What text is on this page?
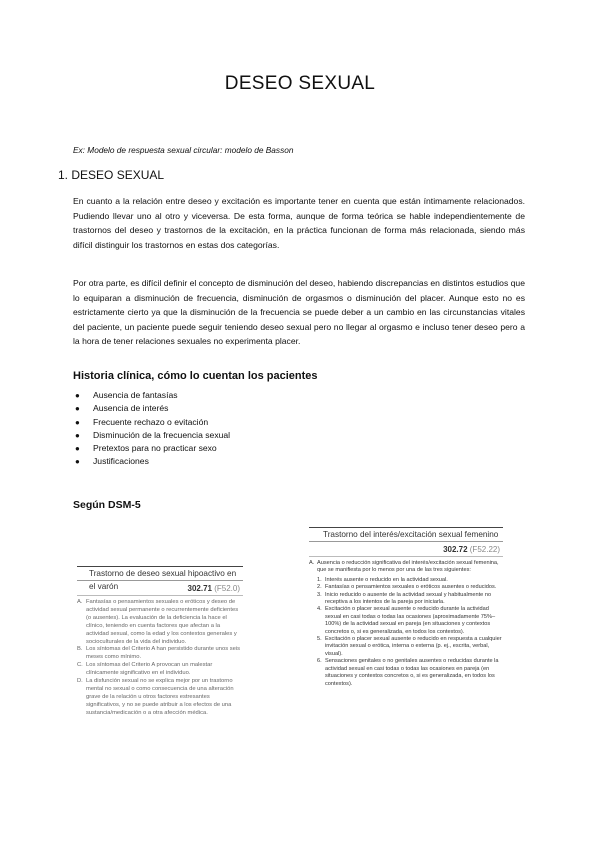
DESEO SEXUAL
Ex: Modelo de respuesta sexual circular: modelo de Basson
1. DESEO SEXUAL

En cuanto a la relación entre deseo y excitación es importante tener en cuenta que están íntimamente relacionados. Pudiendo llevar uno al otro y viceversa. De esta forma, aunque de forma teórica se hable independientemente de trastornos del deseo y trastornos de la excitación, en la práctica funcionan de forma más relacionada, siendo más difícil distinguir los trastornos en estas dos categorías.

Por otra parte, es difícil definir el concepto de disminución del deseo, habiendo discrepancias en distintos estudios que lo equiparan a disminución de frecuencia, disminución de orgasmos o disminución del placer. Aunque esto no es estrictamente cierto ya que la disminución de la frecuencia se puede deber a un cambio en las circunstancias vitales del paciente, un paciente puede seguir teniendo deseo sexual pero no llegar al orgasmo e incluso tener deseo pero a la hora de tener relaciones sexuales no experimenta placer.

Historia clínica, cómo lo cuentan los pacientes
● Ausencia de fantasías
● Ausencia de interés
● Frecuente rechazo o evitación
● Disminución de la frecuencia sexual
● Pretextos para no practicar sexo
● Justificaciones
Según DSM-5
Trastorno del interés/excitación sexual femenino
302.72 (F52.22)
A. Ausencia o reducción significativa del interés/excitación sexual femenina, que se manifiesta por lo menos por una de las tres siguientes:
1. Interés ausente o reducido en la actividad sexual.
2. Fantasías o pensamientos sexuales o eróticos ausentes o reducidos.
3. Inicio reducido o ausente de la actividad sexual y habitualmente no receptiva a los intentos de la pareja por iniciarla.
4. Excitación o placer sexual ausente o reducido durante la actividad sexual en casi todas o todas las ocasiones (aproximadamente 75%–100%) de la actividad sexual en pareja (en situaciones y contextos concretos o, si es generalizada, en todos los contextos).
5. Excitación o placer sexual ausente o reducido en respuesta a cualquier invitación sexual o erótica, interna o externa (p. ej., escrita, verbal, visual).
6. Sensaciones genitales o no genitales ausentes o reducidas durante la actividad sexual en casi todas o todas las ocasiones en pareja (en situaciones y contextos concretos o, si es generalizada, en todos los contextos).
Trastorno de deseo sexual hipoactivo en el varón	302.71 (F52.0)
A. Fantasías o pensamientos sexuales o eróticos y deseo de actividad sexual permanente o recurrentemente deficientes (o ausentes). La evaluación de la deficiencia la hace el clínico, teniendo en cuenta factores que afectan a la actividad sexual, como la edad y los contextos generales y socioculturales de la vida del individuo.
B. Los síntomas del Criterio A han persistido durante unos seis meses como mínimo.
C. Los síntomas del Criterio A provocan un malestar clínicamente significativo en el individuo.
D. La disfunción sexual no se explica mejor por un trastorno mental no sexual o como consecuencia de una alteración grave de la relación u otros factores estresantes significativos, y no se puede atribuir a los efectos de una sustancia/medicación o a otra afección médica.
